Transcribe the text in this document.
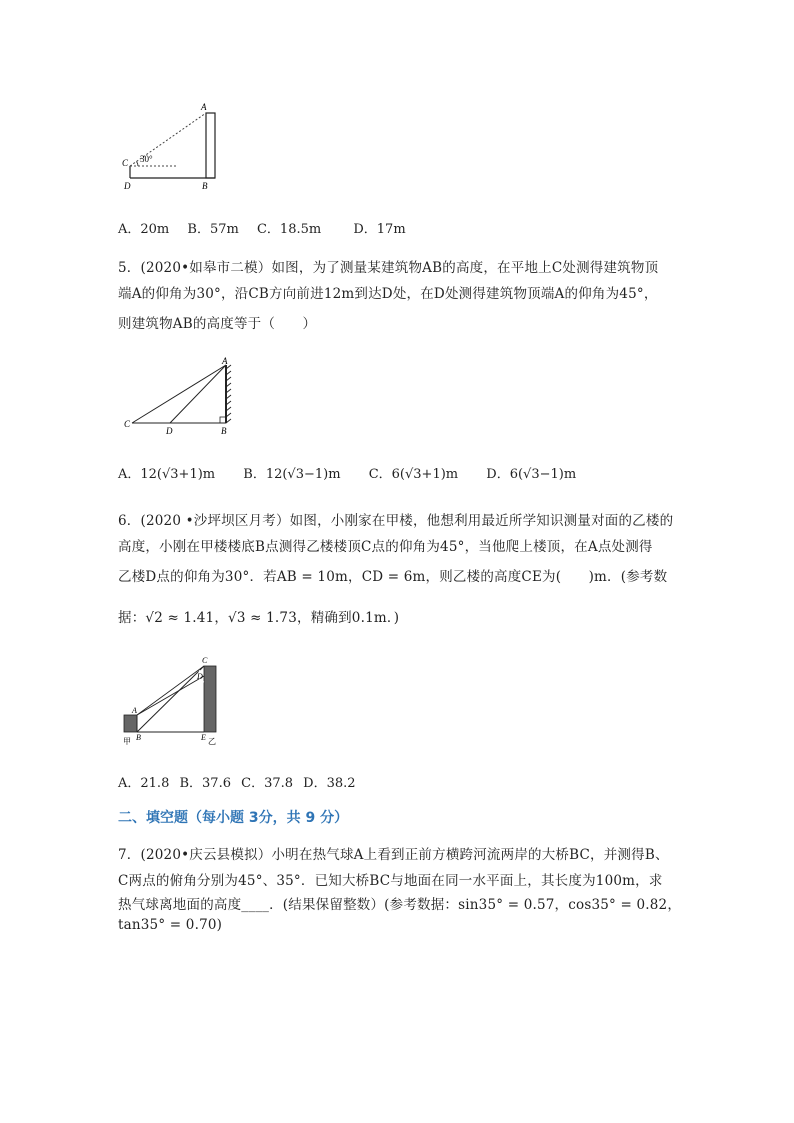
A
B
C
D
30°
A．20m B．57m C．18.5m D．17m
5．(2020•如皋市二模）如图，为了测量某建筑物AB的高度，在平地上C处测得建筑物顶
端A的仰角为30°，沿CB方向前进12m到达D处，在D处测得建筑物顶端A的仰角为45°，
则建筑物AB的高度等于（　　）
A
B
C
D
A．12(√3+1)m B．12(√3−1)m C．6(√3+1)m D．6(√3−1)m
6．(2020 •沙坪坝区月考）如图，小刚家在甲楼，他想利用最近所学知识测量对面的乙楼的
高度，小刚在甲楼楼底B点测得乙楼楼顶C点的仰角为45°，当他爬上楼顶，在A点处测得
乙楼D点的仰角为30°．若AB = 10m，CD = 6m，则乙楼的高度CE为(　　)m．(参考数
据：√2 ≈ 1.41，√3 ≈ 1.73，精确到0.1m．)
A
B
C
D
E
甲	乙
A．21.8 B．37.6 C．37.8 D．38.2
二、填空题（每小题 3分，共 9 分）
7．(2020•庆云县模拟）小明在热气球A上看到正前方横跨河流两岸的大桥BC，并测得B、
C两点的俯角分别为45°、35°．已知大桥BC与地面在同一水平面上，其长度为100m，求
热气球离地面的高度____．(结果保留整数）(参考数据：sin35° = 0.57，cos35° = 0.82，
tan35° = 0.70)
